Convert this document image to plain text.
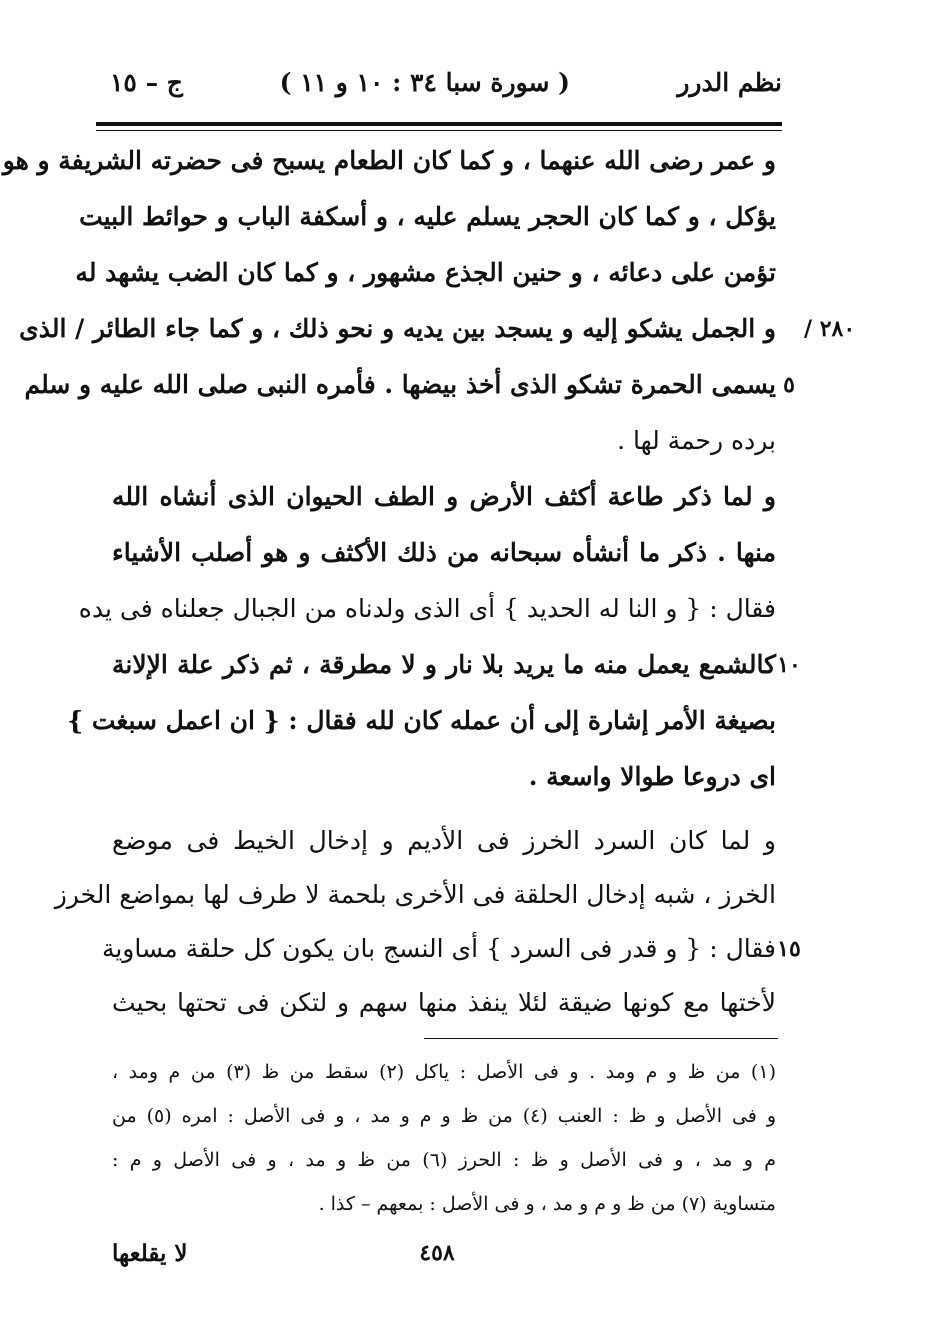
نظم الدرر
( سورة سبا ٣٤ : ١٠ و ١١ )
ج – ١٥
و عمر رضى الله عنهما ، و كما كان الطعام يسبح فى حضرته الشريفة و هو
يؤكل ، و كما كان الحجر يسلم عليه ، و أسكفة الباب و حوائط البيت
تؤمن على دعائه ، و حنين الجذع مشهور ، و كما كان الضب يشهد له
و الجمل يشكو إليه و يسجد بين يديه و نحو ذلك ، و كما جاء الطائر / الذى ٢٨٠ /
يسمى الحمرة تشكو الذى أخذ بيضها . فأمره النبى صلى الله عليه و سلم ٥
برده رحمة لها .
و لما ذكر طاعة أكثف الأرض و الطف الحيوان الذى أنشاه الله
منها . ذكر ما أنشأه سبحانه من ذلك الأكثف و هو أصلب الأشياء
فقال : { و النا له الحديد } أى الذى ولدناه من الجبال جعلناه فى يده
كالشمع يعمل منه ما يريد بلا نار و لا مطرقة ، ثم ذكر علة الإلانة ١٠
بصيغة الأمر إشارة إلى أن عمله كان لله فقال : { ان اعمل سبغت }
اى دروعا طوالا واسعة .
و لما كان السرد الخرز فى الأديم و إدخال الخيط فى موضع
الخرز ، شبه إدخال الحلقة فى الأخرى بلحمة لا طرف لها بمواضع الخرز
فقال : { و قدر فى السرد } أى النسج بان يكون كل حلقة مساوية ١٥
لأختها مع كونها ضيقة لئلا ينفذ منها سهم و لتكن فى تحتها بحيث
(١) من ظ و م ومد . و فى الأصل : ياكل (٢) سقط من ظ (٣) من م ومد ،
و فى الأصل و ظ : العنب (٤) من ظ و م و مد ، و فى الأصل : امره (٥) من
م و مد ، و فى الأصل و ظ : الحرز (٦) من ظ و مد ، و فى الأصل و م :
متساوية (٧) من ظ و م و مد ، و فى الأصل : بمعهم – كذا .
٤٥٨
لا يقلعها
